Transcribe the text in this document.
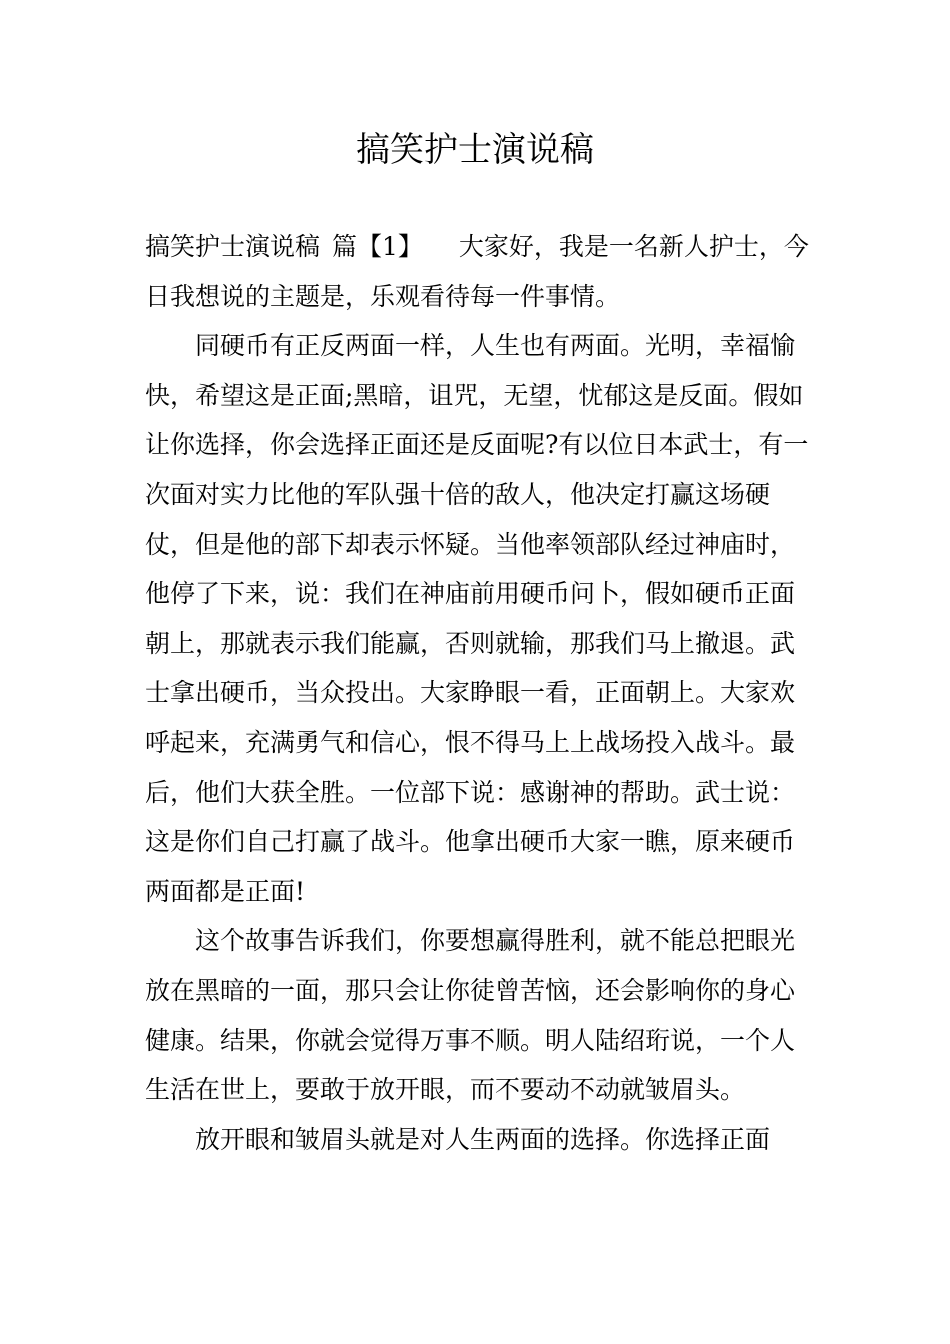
搞笑护士演说稿

搞笑护士演说稿 篇【1】 大家好，我是一名新人护士，今日我想说的主题是，乐观看待每一件事情。

同硬币有正反两面一样，人生也有两面。光明，幸福愉快，希望这是正面;黑暗，诅咒，无望，忧郁这是反面。假如让你选择，你会选择正面还是反面呢?有以位日本武士，有一次面对实力比他的军队强十倍的敌人，他决定打赢这场硬仗，但是他的部下却表示怀疑。当他率领部队经过神庙时，他停了下来，说：我们在神庙前用硬币问卜，假如硬币正面朝上，那就表示我们能赢，否则就输，那我们马上撤退。武士拿出硬币，当众投出。大家睁眼一看，正面朝上。大家欢呼起来，充满勇气和信心，恨不得马上上战场投入战斗。最后，他们大获全胜。一位部下说：感谢神的帮助。武士说：这是你们自己打赢了战斗。他拿出硬币大家一瞧，原来硬币两面都是正面!

这个故事告诉我们，你要想赢得胜利，就不能总把眼光放在黑暗的一面，那只会让你徒曾苦恼，还会影响你的身心健康。结果，你就会觉得万事不顺。明人陆绍珩说，一个人生活在世上，要敢于放开眼，而不要动不动就皱眉头。

放开眼和皱眉头就是对人生两面的选择。你选择正面
